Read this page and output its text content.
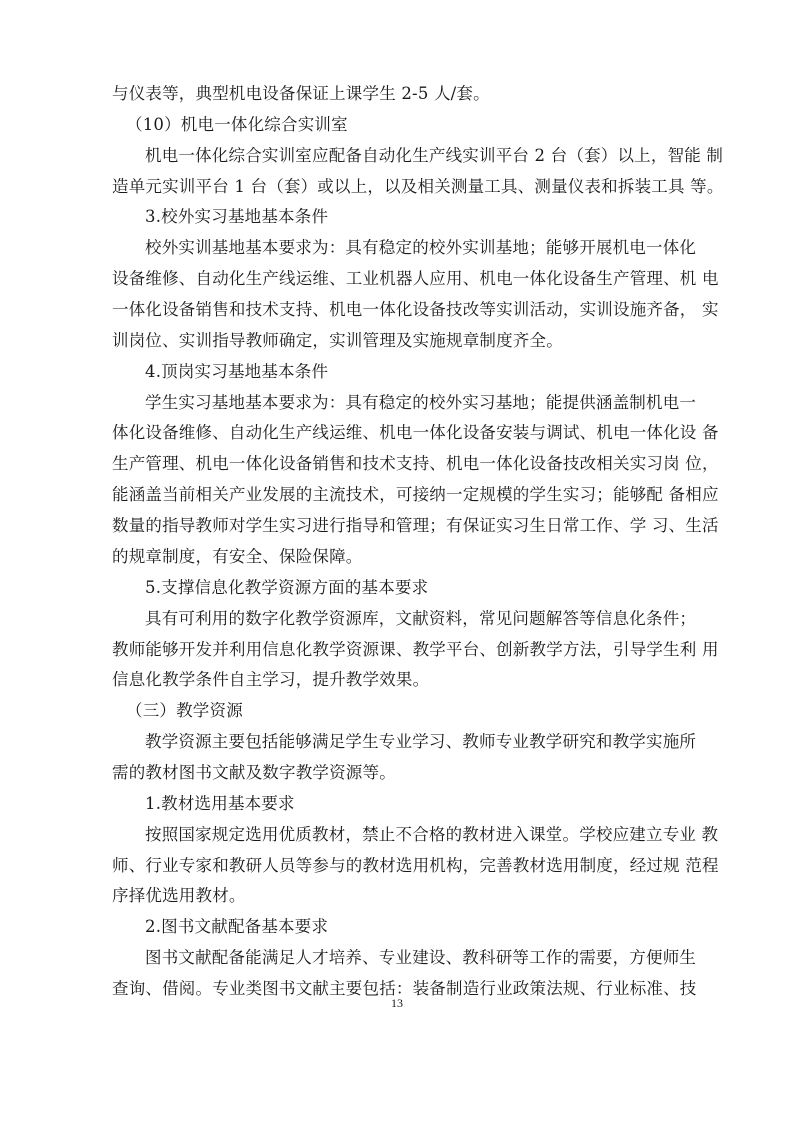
与仪表等，典型机电设备保证上课学生 2-5 人/套。
（10）机电一体化综合实训室
机电一体化综合实训室应配备自动化生产线实训平台 2 台（套）以上，智能 制
造单元实训平台 1 台（套）或以上，以及相关测量工具、测量仪表和拆装工具 等。
3.校外实习基地基本条件
校外实训基地基本要求为：具有稳定的校外实训基地；能够开展机电一体化
设备维修、自动化生产线运维、工业机器人应用、机电一体化设备生产管理、机 电
一体化设备销售和技术支持、机电一体化设备技改等实训活动，实训设施齐备， 实
训岗位、实训指导教师确定，实训管理及实施规章制度齐全。
4.顶岗实习基地基本条件
学生实习基地基本要求为：具有稳定的校外实习基地；能提供涵盖制机电一
体化设备维修、自动化生产线运维、机电一体化设备安装与调试、机电一体化设 备
生产管理、机电一体化设备销售和技术支持、机电一体化设备技改相关实习岗 位，
能涵盖当前相关产业发展的主流技术，可接纳一定规模的学生实习；能够配 备相应
数量的指导教师对学生实习进行指导和管理；有保证实习生日常工作、学 习、生活
的规章制度，有安全、保险保障。
5.支撑信息化教学资源方面的基本要求
具有可利用的数字化教学资源库，文献资料，常见问题解答等信息化条件；
教师能够开发并利用信息化教学资源课、教学平台、创新教学方法，引导学生利 用
信息化教学条件自主学习，提升教学效果。
（三）教学资源
教学资源主要包括能够满足学生专业学习、教师专业教学研究和教学实施所
需的教材图书文献及数字教学资源等。
1.教材选用基本要求
按照国家规定选用优质教材，禁止不合格的教材进入课堂。学校应建立专业 教
师、行业专家和教研人员等参与的教材选用机构，完善教材选用制度，经过规 范程
序择优选用教材。
2.图书文献配备基本要求
图书文献配备能满足人才培养、专业建设、教科研等工作的需要，方便师生
查询、借阅。专业类图书文献主要包括：装备制造行业政策法规、行业标准、技
13
